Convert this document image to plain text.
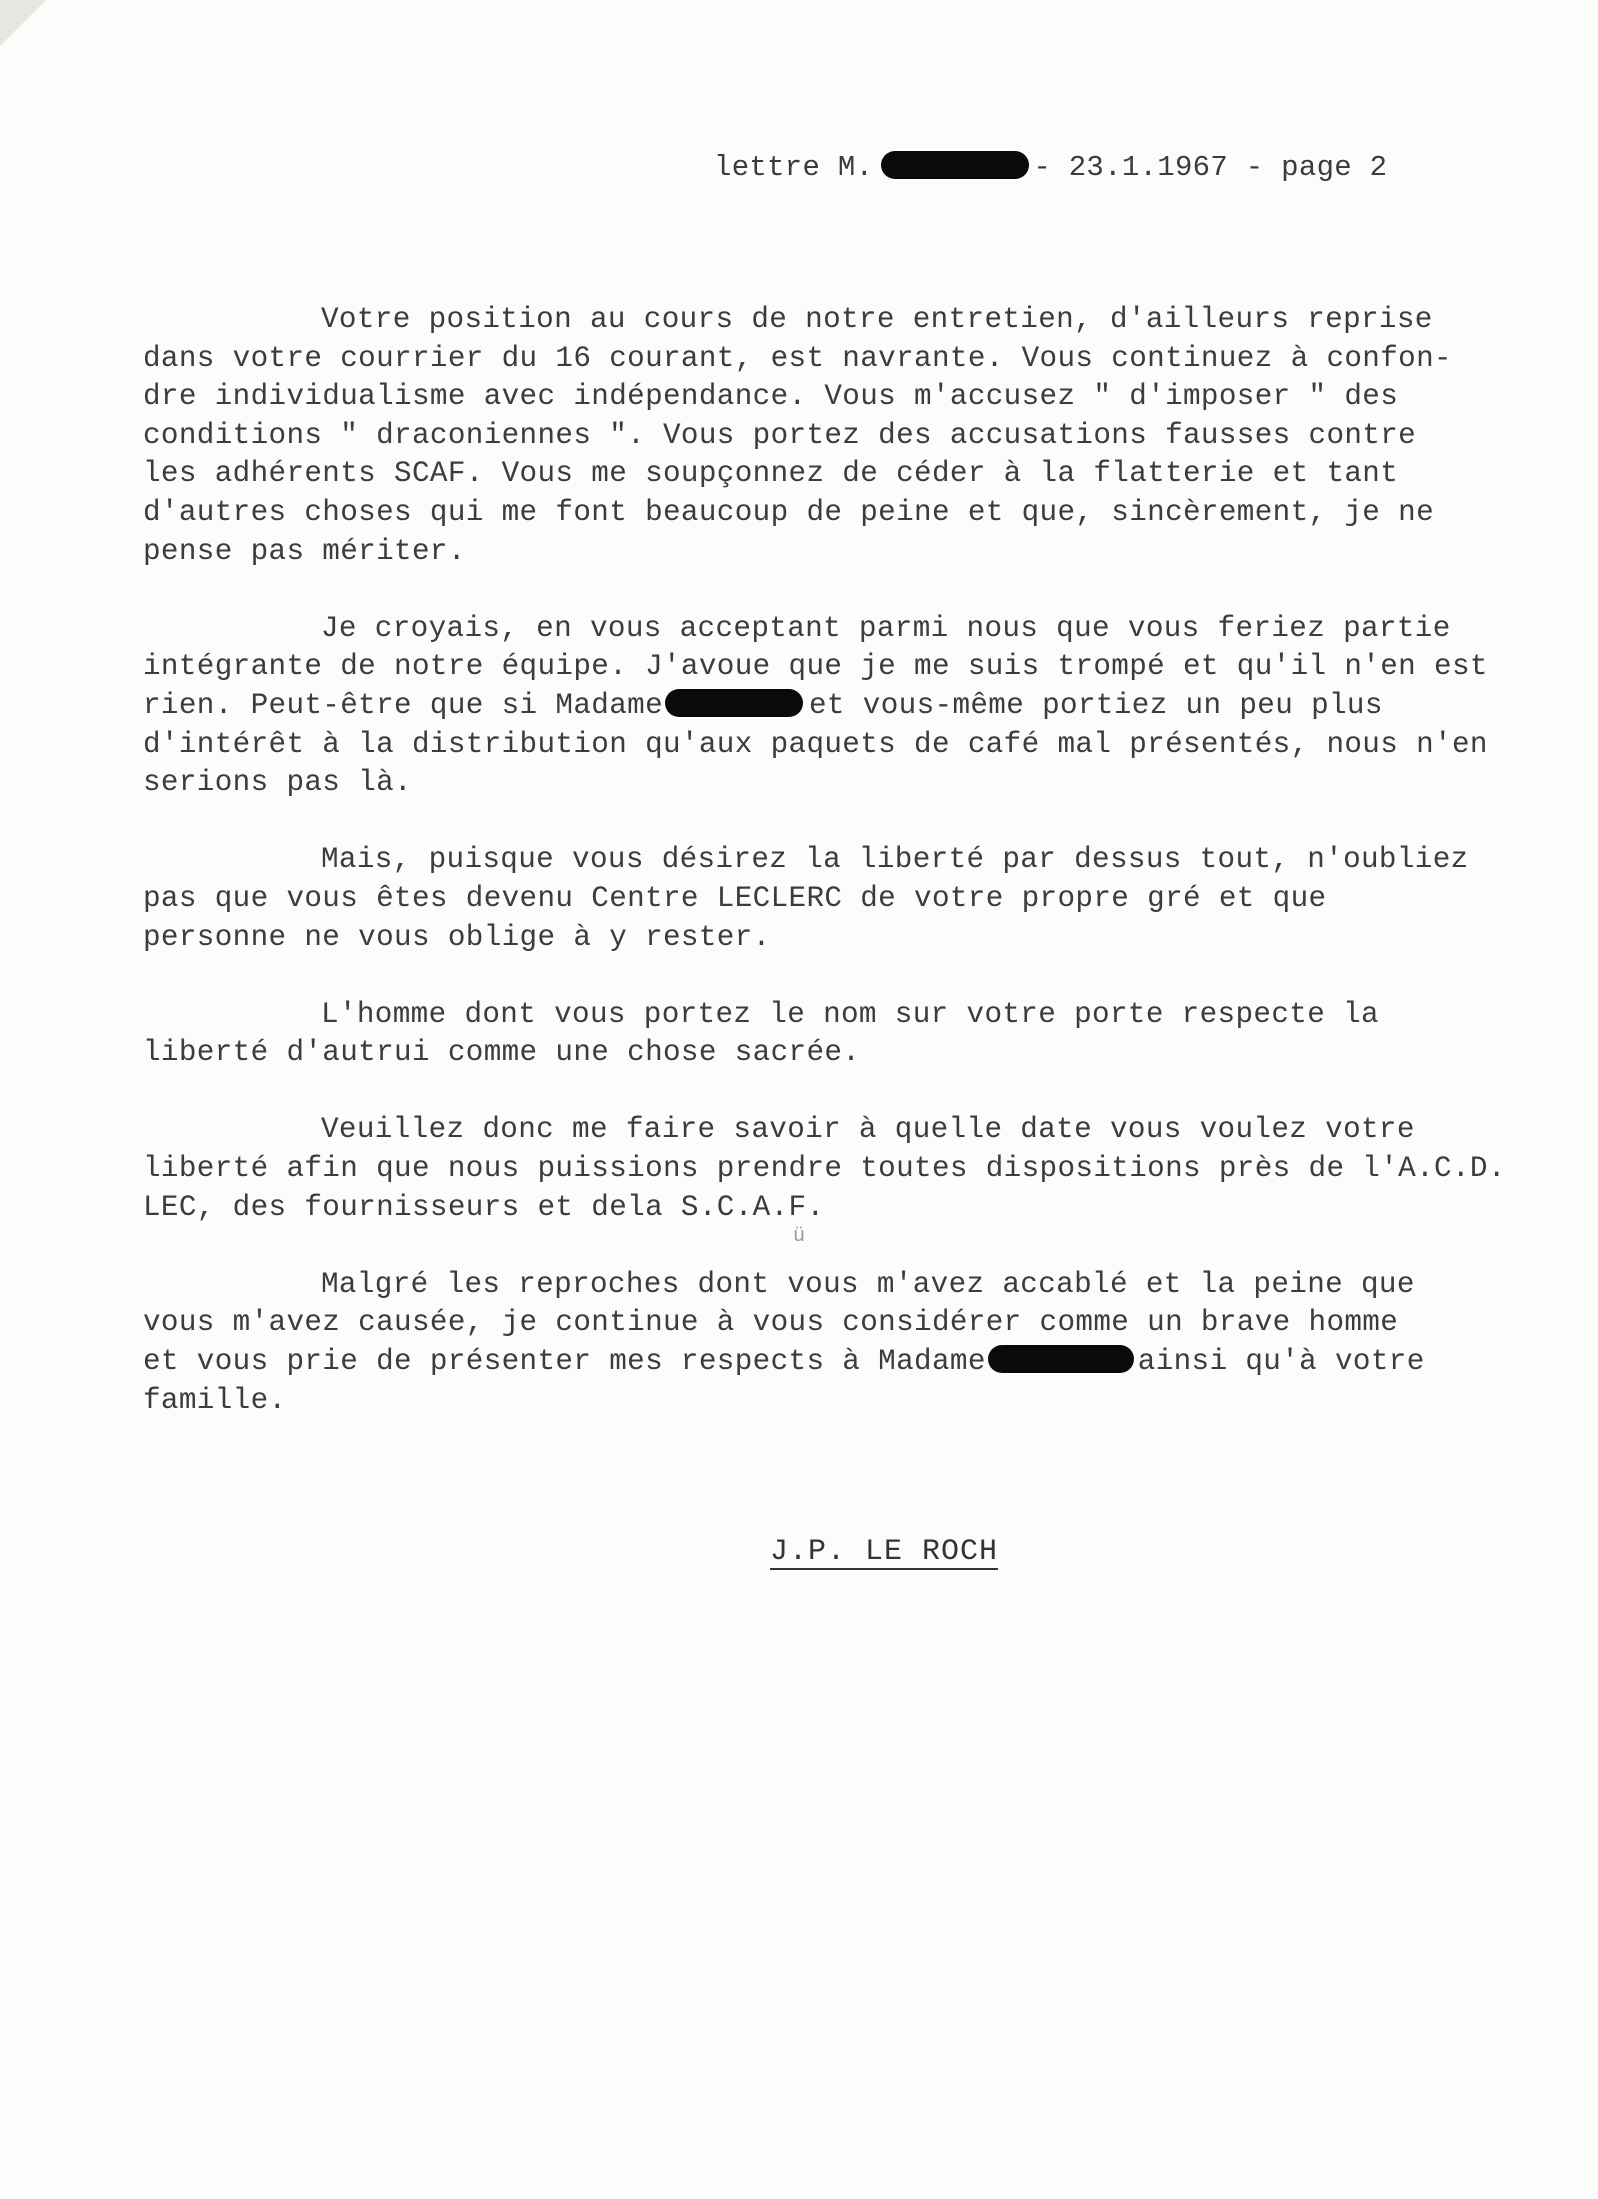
lettre M.	- 23.1.1967 - page 2

Votre position au cours de notre entretien, d'ailleurs reprise
dans votre courrier du 16 courant, est navrante. Vous continuez à confon-
dre individualisme avec indépendance. Vous m'accusez " d'imposer " des
conditions " draconiennes ". Vous portez des accusations fausses contre
les adhérents SCAF. Vous me soupçonnez de céder à la flatterie et tant
d'autres choses qui me font beaucoup de peine et que, sincèrement, je ne
pense pas mériter.

Je croyais, en vous acceptant parmi nous que vous feriez partie
intégrante de notre équipe. J'avoue que je me suis trompé et qu'il n'en est
rien. Peut-être que si Madame	et vous-même portiez un peu plus
d'intérêt à la distribution qu'aux paquets de café mal présentés, nous n'en
serions pas là.

Mais, puisque vous désirez la liberté par dessus tout, n'oubliez
pas que vous êtes devenu Centre LECLERC de votre propre gré et que
personne ne vous oblige à y rester.

L'homme dont vous portez le nom sur votre porte respecte la
liberté d'autrui comme une chose sacrée.

Veuillez donc me faire savoir à quelle date vous voulez votre
liberté afin que nous puissions prendre toutes dispositions près de l'A.C.D.
LEC, des fournisseurs et dela S.C.A.F.

Malgré les reproches dont vous m'avez accablé et la peine que
vous m'avez causée, je continue à vous considérer comme un brave homme
et vous prie de présenter mes respects à Madame	ainsi qu'à votre
famille.

ü
J.P. LE ROCH
